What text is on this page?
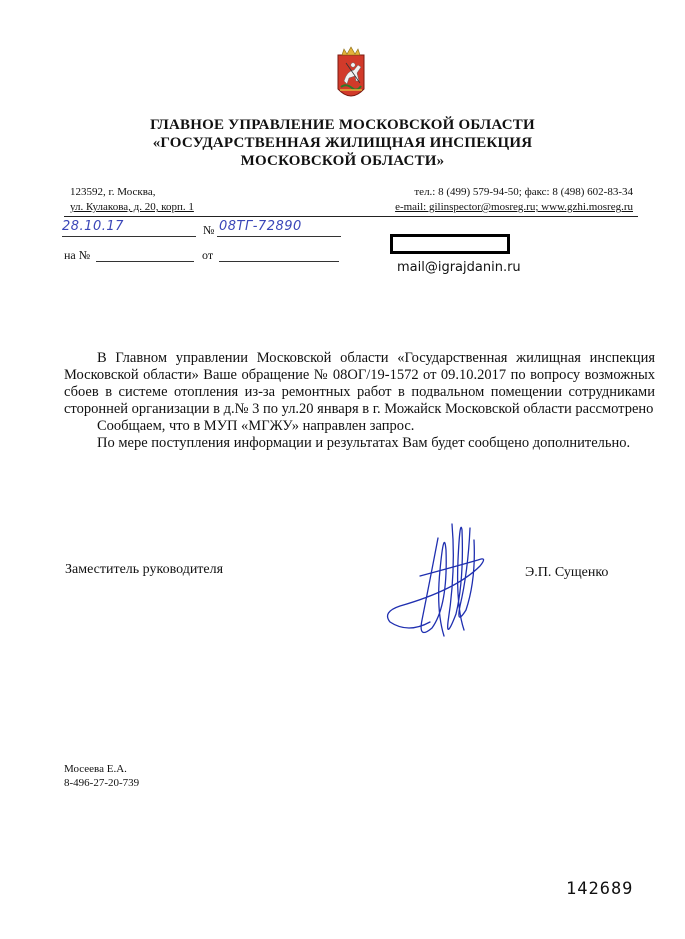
ГЛАВНОЕ УПРАВЛЕНИЕ МОСКОВСКОЙ ОБЛАСТИ
«ГОСУДАРСТВЕННАЯ ЖИЛИЩНАЯ ИНСПЕКЦИЯ
МОСКОВСКОЙ ОБЛАСТИ»
123592, г. Москва,
ул. Кулакова, д. 20, корп. 1
тел.: 8 (499) 579-94-50; факс: 8 (498) 602-83-34
e-mail: gilinspector@mosreg.ru; www.gzhi.mosreg.ru
28.10.17	№ 08ТГ-72890
на №	от
mail@igrajdanin.ru

В Главном управлении Московской области «Государственная жилищная инспекция Московской области» Ваше обращение № 08ОГ/19-1572 от 09.10.2017 по вопросу возможных сбоев в системе отопления из-за ремонтных работ в подвальном помещении сотрудниками сторонней организации в д.№ 3 по ул.20 января в г. Можайск Московской области рассмотрено

Сообщаем, что в МУП «МГЖУ» направлен запрос.

По мере поступления информации и результатах Вам будет сообщено дополнительно.

Заместитель руководителя	Э.П. Сущенко
Мосеева Е.А.
8-496-27-20-739
142689
